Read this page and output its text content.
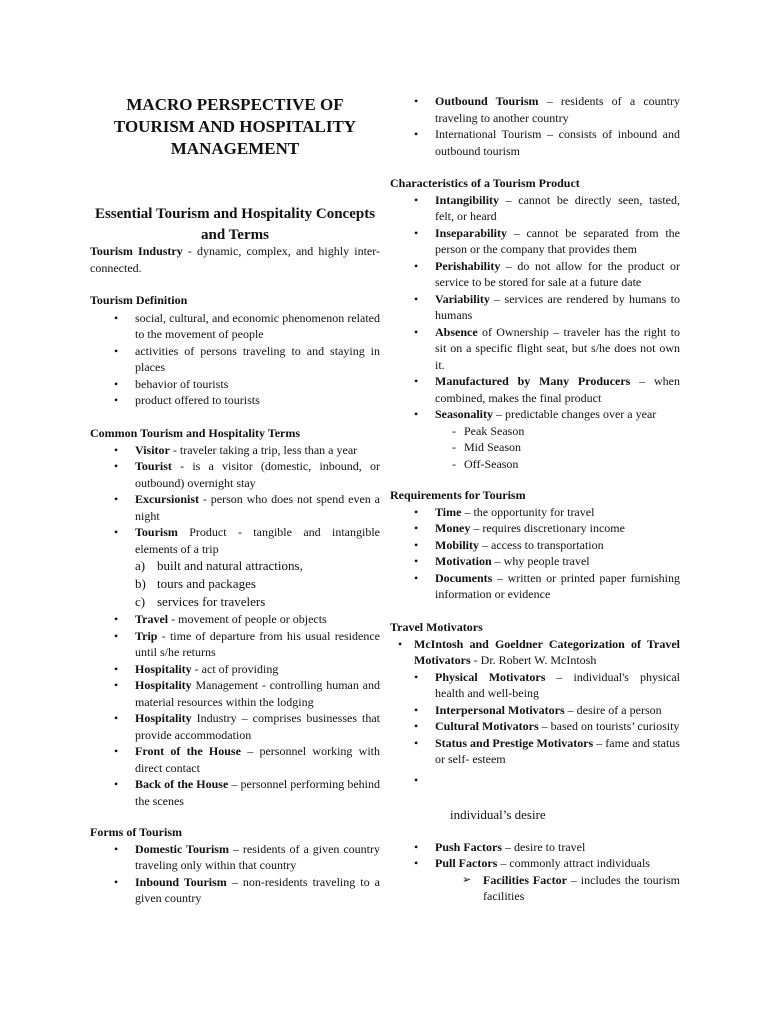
MACRO PERSPECTIVE OF TOURISM AND HOSPITALITY MANAGEMENT
Essential Tourism and Hospitality Concepts and Terms
Tourism Industry - dynamic, complex, and highly inter-connected.
Tourism Definition
• social, cultural, and economic phenomenon related to the movement of people
• activities of persons traveling to and staying in places
• behavior of tourists
• product offered to tourists
Common Tourism and Hospitality Terms
• Visitor - traveler taking a trip, less than a year
• Tourist - is a visitor (domestic, inbound, or outbound) overnight stay
• Excursionist - person who does not spend even a night
• Tourism Product - tangible and intangible elements of a trip
a) built and natural attractions,
b) tours and packages
c) services for travelers
• Travel - movement of people or objects
• Trip - time of departure from his usual residence until s/he returns
• Hospitality - act of providing
• Hospitality Management - controlling human and material resources within the lodging
• Hospitality Industry – comprises businesses that provide accommodation
• Front of the House – personnel working with direct contact
• Back of the House – personnel performing behind the scenes
Forms of Tourism
• Domestic Tourism – residents of a given country traveling only within that country
• Inbound Tourism – non-residents traveling to a given country
• Outbound Tourism – residents of a country traveling to another country
• International Tourism – consists of inbound and outbound tourism
Characteristics of a Tourism Product
• Intangibility – cannot be directly seen, tasted, felt, or heard
• Inseparability – cannot be separated from the person or the company that provides them
• Perishability – do not allow for the product or service to be stored for sale at a future date
• Variability – services are rendered by humans to humans
• Absence of Ownership – traveler has the right to sit on a specific flight seat, but s/he does not own it.
• Manufactured by Many Producers – when combined, makes the final product
• Seasonality – predictable changes over a year
- Peak Season
- Mid Season
- Off-Season
Requirements for Tourism
• Time – the opportunity for travel
• Money – requires discretionary income
• Mobility – access to transportation
• Motivation – why people travel
• Documents – written or printed paper furnishing information or evidence
Travel Motivators
• McIntosh and Goeldner Categorization of Travel Motivators - Dr. Robert W. McIntosh
• Physical Motivators – individual's physical health and well-being
• Interpersonal Motivators – desire of a person
• Cultural Motivators – based on tourists’ curiosity
• Status and Prestige Motivators – fame and status or self- esteem
•
individual’s desire
• Push Factors – desire to travel
• Pull Factors – commonly attract individuals
➢ Facilities Factor – includes the tourism facilities
